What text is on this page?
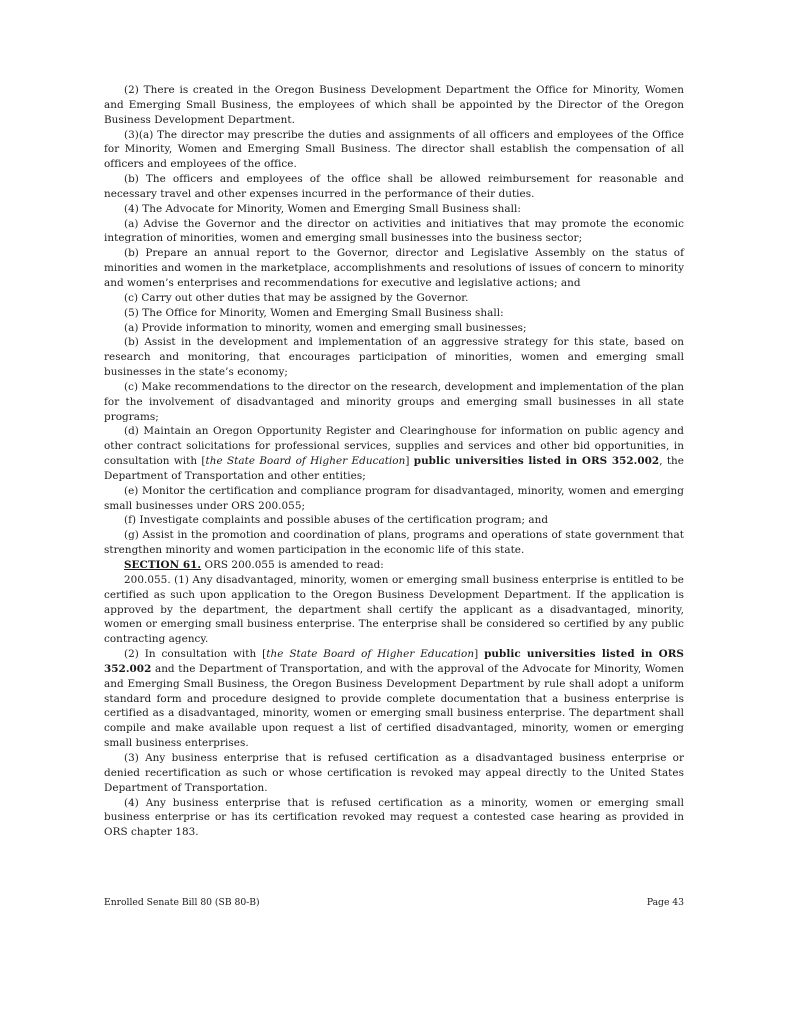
(2) There is created in the Oregon Business Development Department the Office for Minority, Women and Emerging Small Business, the employees of which shall be appointed by the Director of the Oregon Business Development Department.

(3)(a) The director may prescribe the duties and assignments of all officers and employees of the Office for Minority, Women and Emerging Small Business. The director shall establish the compensation of all officers and employees of the office.

(b) The officers and employees of the office shall be allowed reimbursement for reasonable and necessary travel and other expenses incurred in the performance of their duties.

(4) The Advocate for Minority, Women and Emerging Small Business shall:

(a) Advise the Governor and the director on activities and initiatives that may promote the economic integration of minorities, women and emerging small businesses into the business sector;

(b) Prepare an annual report to the Governor, director and Legislative Assembly on the status of minorities and women in the marketplace, accomplishments and resolutions of issues of concern to minority and women’s enterprises and recommendations for executive and legislative actions; and

(c) Carry out other duties that may be assigned by the Governor.

(5) The Office for Minority, Women and Emerging Small Business shall:

(a) Provide information to minority, women and emerging small businesses;

(b) Assist in the development and implementation of an aggressive strategy for this state, based on research and monitoring, that encourages participation of minorities, women and emerging small businesses in the state’s economy;

(c) Make recommendations to the director on the research, development and implementation of the plan for the involvement of disadvantaged and minority groups and emerging small businesses in all state programs;

(d) Maintain an Oregon Opportunity Register and Clearinghouse for information on public agency and other contract solicitations for professional services, supplies and services and other bid opportunities, in consultation with [the State Board of Higher Education] public universities listed in ORS 352.002, the Department of Transportation and other entities;

(e) Monitor the certification and compliance program for disadvantaged, minority, women and emerging small businesses under ORS 200.055;

(f) Investigate complaints and possible abuses of the certification program; and

(g) Assist in the promotion and coordination of plans, programs and operations of state government that strengthen minority and women participation in the economic life of this state.

SECTION 61. ORS 200.055 is amended to read:

200.055. (1) Any disadvantaged, minority, women or emerging small business enterprise is entitled to be certified as such upon application to the Oregon Business Development Department. If the application is approved by the department, the department shall certify the applicant as a disadvantaged, minority, women or emerging small business enterprise. The enterprise shall be considered so certified by any public contracting agency.

(2) In consultation with [the State Board of Higher Education] public universities listed in ORS 352.002 and the Department of Transportation, and with the approval of the Advocate for Minority, Women and Emerging Small Business, the Oregon Business Development Department by rule shall adopt a uniform standard form and procedure designed to provide complete documentation that a business enterprise is certified as a disadvantaged, minority, women or emerging small business enterprise. The department shall compile and make available upon request a list of certified disadvantaged, minority, women or emerging small business enterprises.

(3) Any business enterprise that is refused certification as a disadvantaged business enterprise or denied recertification as such or whose certification is revoked may appeal directly to the United States Department of Transportation.

(4) Any business enterprise that is refused certification as a minority, women or emerging small business enterprise or has its certification revoked may request a contested case hearing as provided in ORS chapter 183.

Enrolled Senate Bill 80 (SB 80-B)	Page 43
